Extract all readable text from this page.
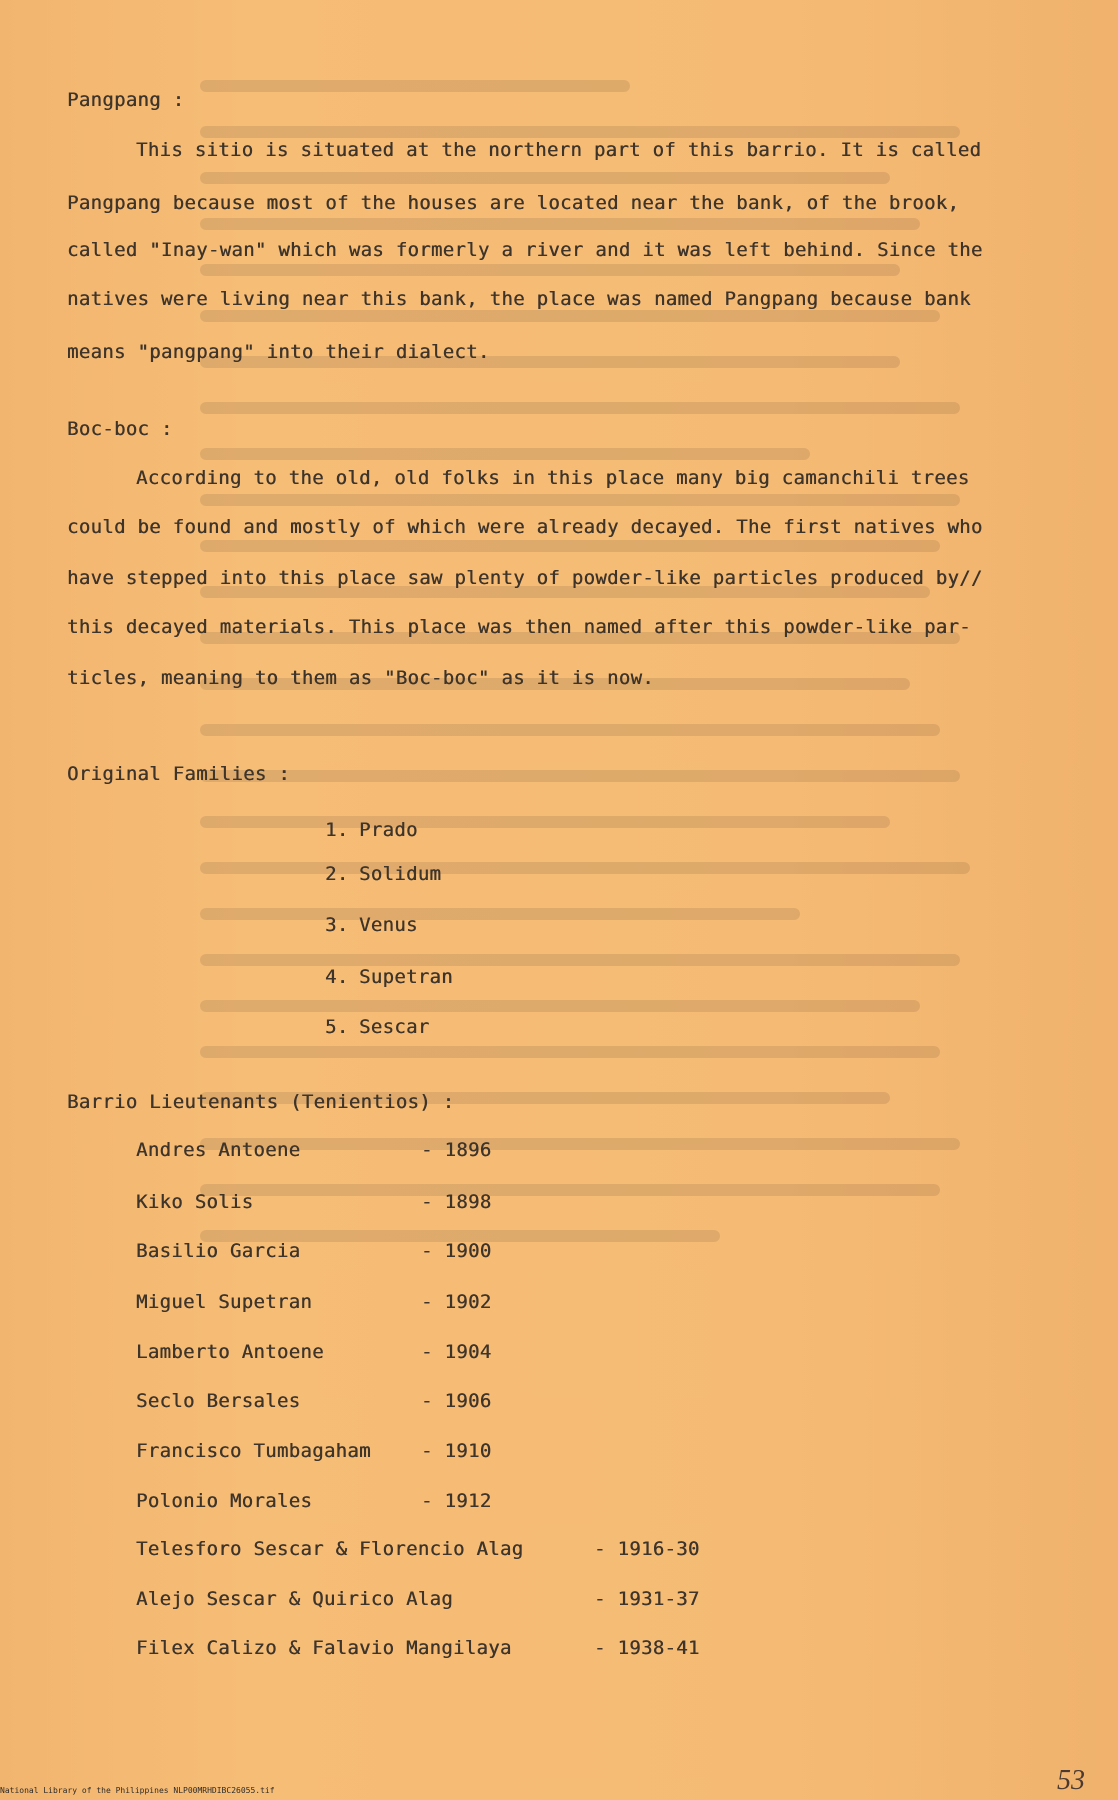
Pangpang :
This sitio is situated at the northern part of this barrio. It is called
Pangpang because most of the houses are located near the bank, of the brook,
called "Inay-wan" which was formerly a river and it was left behind. Since the
natives were living near this bank, the place was named Pangpang because bank
means "pangpang" into their dialect.
Boc-boc :
According to the old, old folks in this place many big camanchili trees
could be found and mostly of which were already decayed. The first natives who
have stepped into this place saw plenty of powder-like particles produced by//
this decayed materials. This place was then named after this powder-like par-
ticles, meaning to them as "Boc-boc" as it is now.
Original Families :
1. Prado
2. Solidum
3. Venus
4. Supetran
5. Sescar
Barrio Lieutenants (Tenientios) :
Andres Antoene	- 1896
Kiko Solis	- 1898
Basilio Garcia	- 1900
Miguel Supetran	- 1902
Lamberto Antoene	- 1904
Seclo Bersales	- 1906
Francisco Tumbagaham	- 1910
Polonio Morales	- 1912
Telesforo Sescar & Florencio Alag	- 1916-30
Alejo Sescar & Quirico Alag	- 1931-37
Filex Calizo & Falavio Mangilaya	- 1938-41
National Library of the Philippines NLP00MRHDIBC26055.tif	53
